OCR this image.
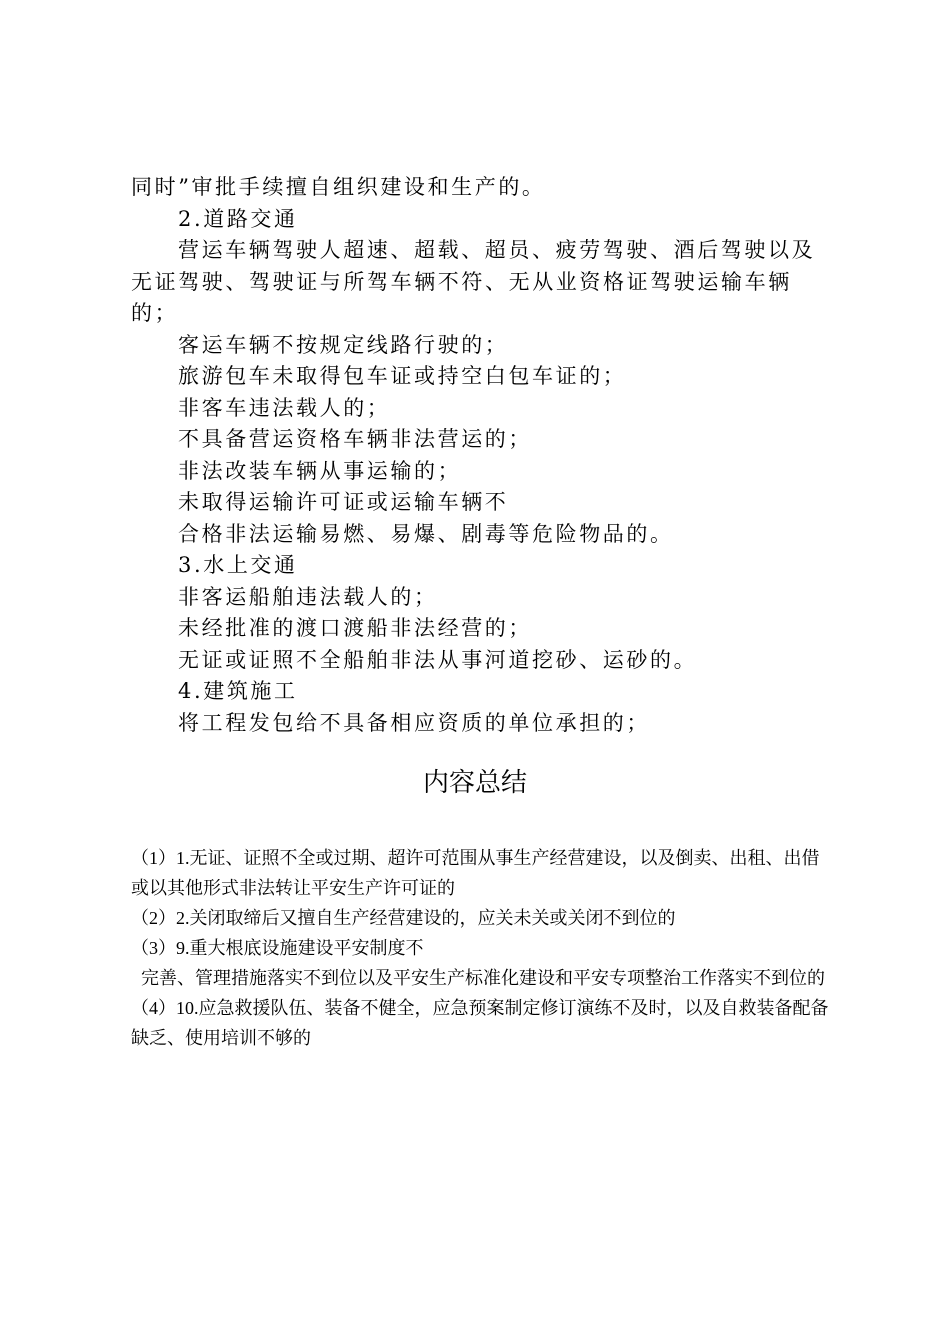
同时”审批手续擅自组织建设和生产的。

2.道路交通

营运车辆驾驶人超速、超载、超员、疲劳驾驶、酒后驾驶以及无证驾驶、驾驶证与所驾车辆不符、无从业资格证驾驶运输车辆的；

客运车辆不按规定线路行驶的；

旅游包车未取得包车证或持空白包车证的；

非客车违法载人的；

不具备营运资格车辆非法营运的；

非法改装车辆从事运输的；

未取得运输许可证或运输车辆不

合格非法运输易燃、易爆、剧毒等危险物品的。

3.水上交通

非客运船舶违法载人的；

未经批准的渡口渡船非法经营的；

无证或证照不全船舶非法从事河道挖砂、运砂的。

4.建筑施工

将工程发包给不具备相应资质的单位承担的；

内容总结

（1）1.无证、证照不全或过期、超许可范围从事生产经营建设，以及倒卖、出租、出借或以其他形式非法转让平安生产许可证的

（2）2.关闭取缔后又擅自生产经营建设的，应关未关或关闭不到位的

（3）9.重大根底设施建设平安制度不

完善、管理措施落实不到位以及平安生产标准化建设和平安专项整治工作落实不到位的

（4）10.应急救援队伍、装备不健全，应急预案制定修订演练不及时，以及自救装备配备缺乏、使用培训不够的
